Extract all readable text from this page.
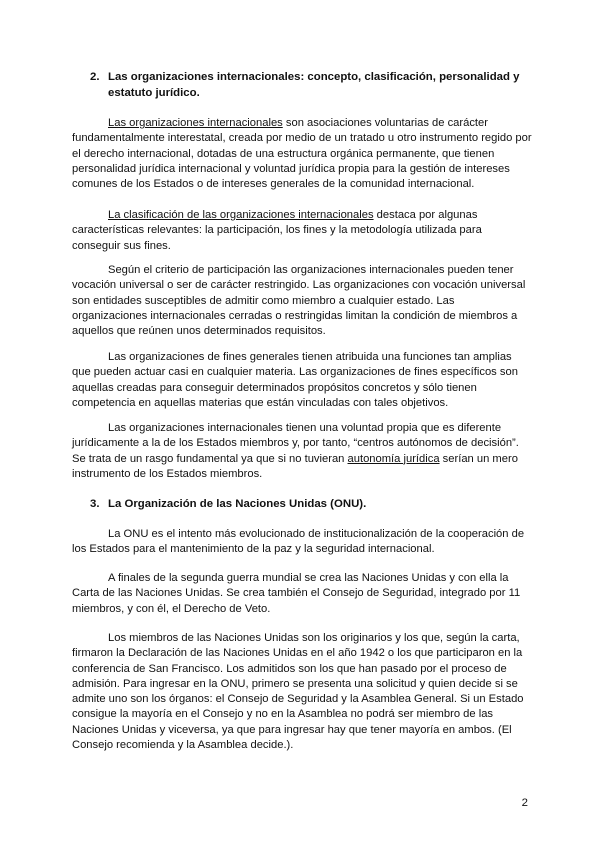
2. Las organizaciones internacionales: concepto, clasificación, personalidad y
estatuto jurídico.

Las organizaciones internacionales son asociaciones voluntarias de carácter fundamentalmente interestatal, creada por medio de un tratado u otro instrumento regido por el derecho internacional, dotadas de una estructura orgánica permanente, que tienen personalidad jurídica internacional y voluntad jurídica propia para la gestión de intereses comunes de los Estados o de intereses generales de la comunidad internacional.

La clasificación de las organizaciones internacionales destaca por algunas características relevantes: la participación, los fines y la metodología utilizada para conseguir sus fines.

Según el criterio de participación las organizaciones internacionales pueden tener vocación universal o ser de carácter restringido. Las organizaciones con vocación universal son entidades susceptibles de admitir como miembro a cualquier estado. Las organizaciones internacionales cerradas o restringidas limitan la condición de miembros a aquellos que reúnen unos determinados requisitos.

Las organizaciones de fines generales tienen atribuida una funciones tan amplias que pueden actuar casi en cualquier materia. Las organizaciones de fines específicos son aquellas creadas para conseguir determinados propósitos concretos y sólo tienen competencia en aquellas materias que están vinculadas con tales objetivos.

Las organizaciones internacionales tienen una voluntad propia que es diferente jurídicamente a la de los Estados miembros y, por tanto, “centros autónomos de decisión”. Se trata de un rasgo fundamental ya que si no tuvieran autonomía jurídica serían un mero instrumento de los Estados miembros.

3. La Organización de las Naciones Unidas (ONU).

La ONU es el intento más evolucionado de institucionalización de la cooperación de los Estados para el mantenimiento de la paz y la seguridad internacional.

A finales de la segunda guerra mundial se crea las Naciones Unidas y con ella la Carta de las Naciones Unidas. Se crea también el Consejo de Seguridad, integrado por 11 miembros, y con él, el Derecho de Veto.

Los miembros de las Naciones Unidas son los originarios y los que, según la carta, firmaron la Declaración de las Naciones Unidas en el año 1942 o los que participaron en la conferencia de San Francisco. Los admitidos son los que han pasado por el proceso de admisión. Para ingresar en la ONU, primero se presenta una solicitud y quien decide si se admite uno son los órganos: el Consejo de Seguridad y la Asamblea General. Si un Estado consigue la mayoría en el Consejo y no en la Asamblea no podrá ser miembro de las Naciones Unidas y viceversa, ya que para ingresar hay que tener mayoría en ambos. (El Consejo recomienda y la Asamblea decide.).

2
